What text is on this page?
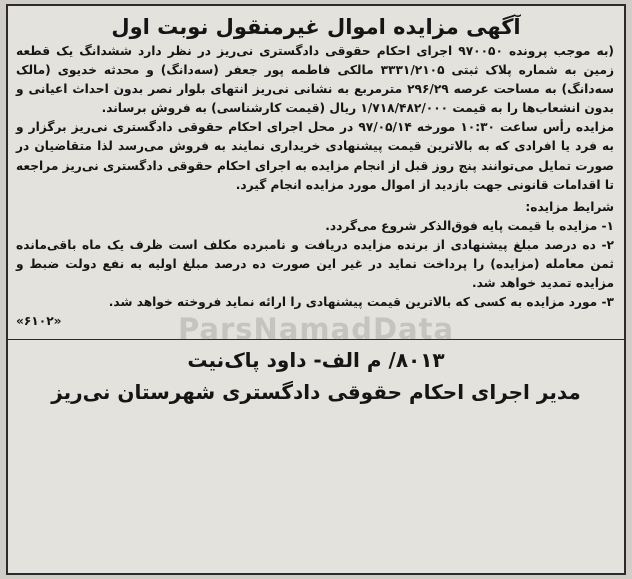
آگهی مزایده اموال غیرمنقول نوبت اول

(به موجب پرونده ۹۷۰۰۵۰ اجرای احکام حقوقی دادگستری نی‌ریز در نظر دارد ششدانگ یک قطعه زمین به شماره پلاک ثبتی ۳۳۳۱/۲۱۰۵ مالکی فاطمه پور جعفر (سه‌دانگ) و محدثه خدیوی (مالک سه‌دانگ) به مساحت عرصه ۲۹۶/۲۹ مترمربع به نشانی نی‌ریز انتهای بلوار نصر بدون احداث اعیانی و بدون انشعاب‌ها را به قیمت ۱/۷۱۸/۴۸۲/۰۰۰ ریال (قیمت کارشناسی) به فروش برساند.

مزایده رأس ساعت ۱۰:۳۰ مورخه ۹۷/۰۵/۱۴ در محل اجرای احکام حقوقی دادگستری نی‌ریز برگزار و به فرد یا افرادی که به بالاترین قیمت پیشنهادی خریداری نمایند به فروش می‌رسد لذا متقاضیان در صورت تمایل می‌توانند پنج روز قبل از انجام مزایده به اجرای احکام حقوقی دادگستری نی‌ریز مراجعه تا اقدامات قانونی جهت بازدید از اموال مورد مزایده انجام گیرد.

شرایط مزایده:

۱- مزایده با قیمت پایه فوق‌الذکر شروع می‌گردد.

۲- ده درصد مبلغ پیشنهادی از برنده مزایده دریافت و نامبرده مکلف است ظرف یک ماه باقی‌مانده ثمن معامله (مزایده) را پرداخت نماید در غیر این صورت ده درصد مبلغ اولیه به نفع دولت ضبط و مزایده تمدید خواهد شد.

۳- مورد مزایده به کسی که بالاترین قیمت پیشنهادی را ارائه نماید فروخته خواهد شد.

«۶۱۰۲»

۸۰۱۳/ م الف- داود پاک‌نیت
مدیر اجرای احکام حقوقی دادگستری شهرستان نی‌ریز
ParsNamadData
